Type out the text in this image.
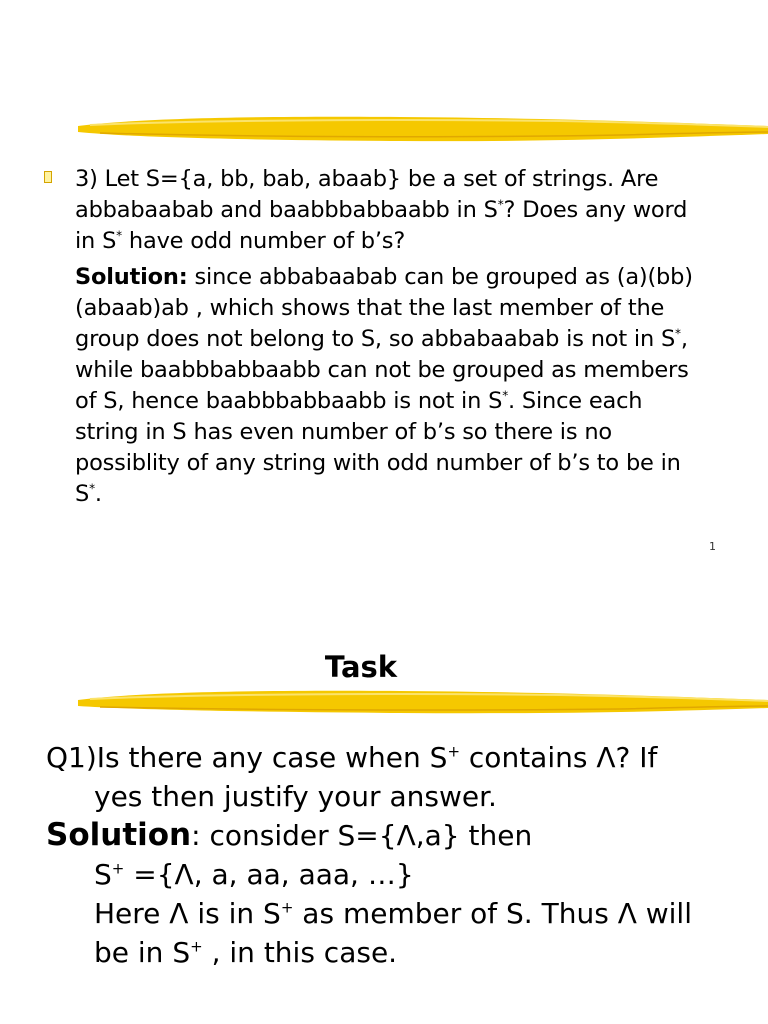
3) Let S={a, bb, bab, abaab} be a set of strings. Are
abbabaabab and baabbbabbaabb in S*? Does any word
in S* have odd number of b’s?
Solution: since abbabaabab can be grouped as (a)(bb)
(abaab)ab , which shows that the last member of the
group does not belong to S, so abbabaabab is not in S*,
while baabbbabbaabb can not be grouped as members
of S, hence baabbbabbaabb is not in S*. Since each
string in S has even number of b’s so there is no
possiblity of any string with odd number of b’s to be in
S*.
1
Task
Q1)Is there any case when S+ contains Λ? If
yes then justify your answer.
Solution: consider S={Λ,a} then
S+ ={Λ, a, aa, aaa, …}
Here Λ is in S+ as member of S. Thus Λ will
be in S+ , in this case.
